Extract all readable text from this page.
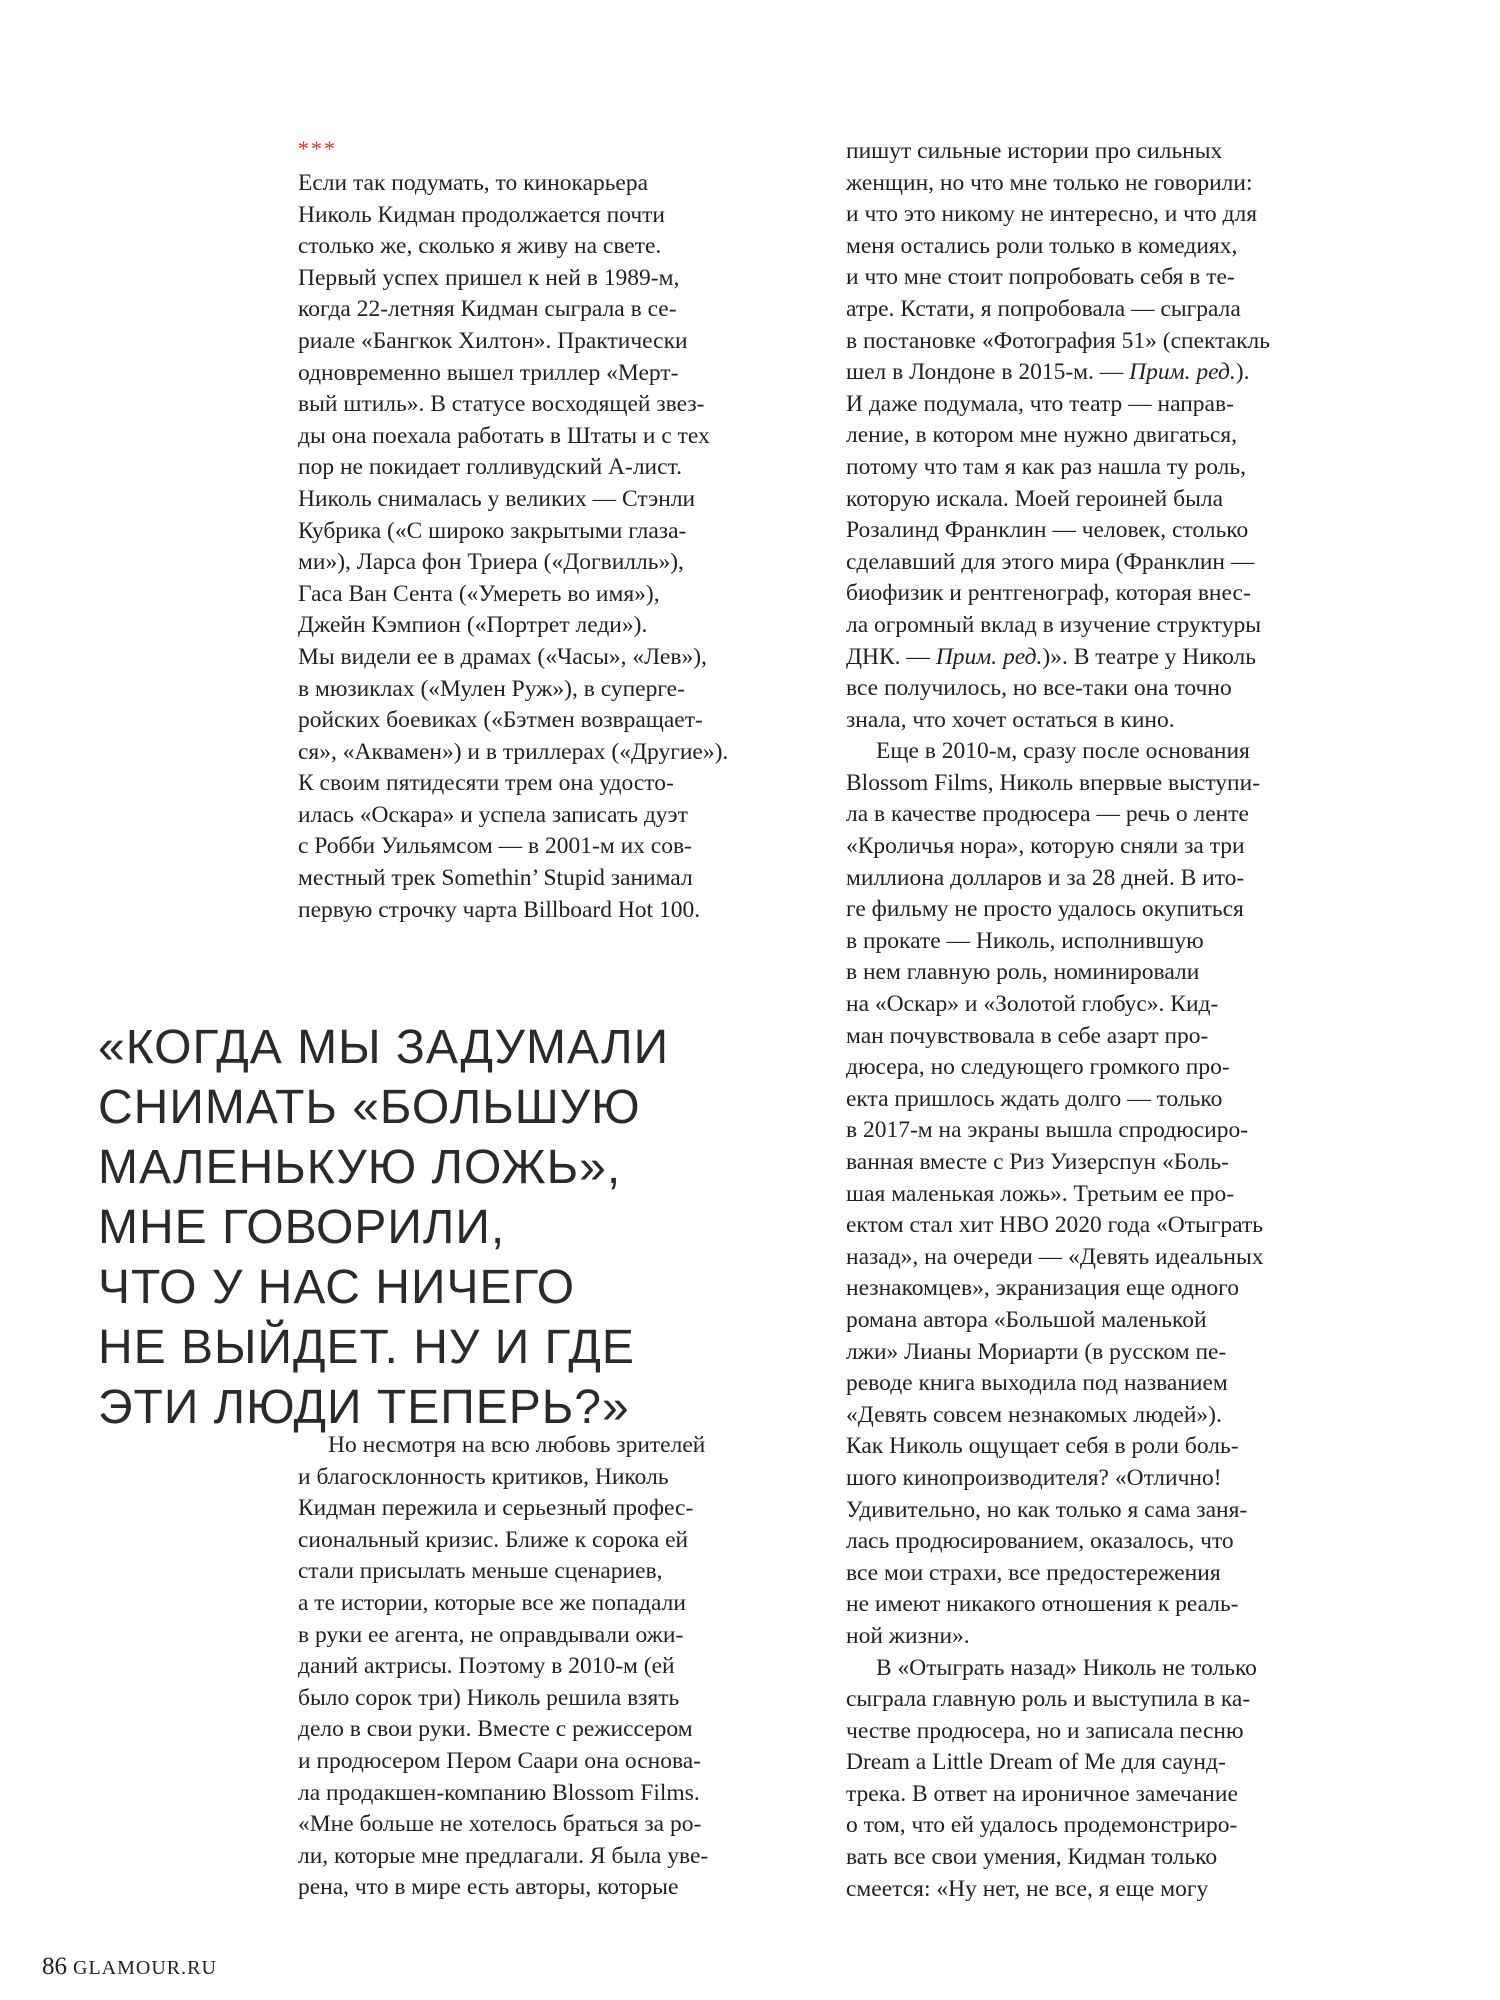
***

Если так подумать, то кинокарьера
Николь Кидман продолжается почти
столько же, сколько я живу на свете.
Первый успех пришел к ней в 1989-м,
когда 22-летняя Кидман сыграла в се-
риале «Бангкок Хилтон». Практически
одновременно вышел триллер «Мерт-
вый штиль». В статусе восходящей звез-
ды она поехала работать в Штаты и с тех
пор не покидает голливудский А-лист.
Николь снималась у великих — Стэнли
Кубрика («С широко закрытыми глаза-
ми»), Ларса фон Триера («Догвилль»),
Гаса Ван Сента («Умереть во имя»),
Джейн Кэмпион («Портрет леди»).
Мы видели ее в драмах («Часы», «Лев»),
в мюзиклах («Мулен Руж»), в суперге-
ройских боевиках («Бэтмен возвращает-
ся», «Аквамен») и в триллерах («Другие»).
К своим пятидесяти трем она удосто-
илась «Оскара» и успела записать дуэт
с Робби Уильямсом — в 2001-м их сов-
местный трек Somethin’ Stupid занимал
первую строчку чарта Billboard Hot 100.

«КОГДА МЫ ЗАДУМАЛИ
СНИМАТЬ «БОЛЬШУЮ
МАЛЕНЬКУЮ ЛОЖЬ»,
МНЕ ГОВОРИЛИ,
ЧТО У НАС НИЧЕГО
НЕ ВЫЙДЕТ. НУ И ГДЕ
ЭТИ ЛЮДИ ТЕПЕРЬ?»

Но несмотря на всю любовь зрителей
и благосклонность критиков, Николь
Кидман пережила и серьезный профес-
сиональный кризис. Ближе к сорока ей
стали присылать меньше сценариев,
а те истории, которые все же попадали
в руки ее агента, не оправдывали ожи-
даний актрисы. Поэтому в 2010-м (ей
было сорок три) Николь решила взять
дело в свои руки. Вместе с режиссером
и продюсером Пером Саари она основа-
ла продакшен-компанию Blossom Films.
«Мне больше не хотелось браться за ро-
ли, которые мне предлагали. Я была уве-
рена, что в мире есть авторы, которые

пишут сильные истории про сильных
женщин, но что мне только не говорили:
и что это никому не интересно, и что для
меня остались роли только в комедиях,
и что мне стоит попробовать себя в те-
атре. Кстати, я попробовала — сыграла
в постановке «Фотография 51» (спектакль
шел в Лондоне в 2015-м. — Прим. ред.).
И даже подумала, что театр — направ-
ление, в котором мне нужно двигаться,
потому что там я как раз нашла ту роль,
которую искала. Моей героиней была
Розалинд Франклин — человек, столько
сделавший для этого мира (Франклин —
биофизик и рентгенограф, которая внес-
ла огромный вклад в изучение структуры
ДНК. — Прим. ред.)». В театре у Николь
все получилось, но все-таки она точно
знала, что хочет остаться в кино.

Еще в 2010-м, сразу после основания
Blossom Films, Николь впервые выступи-
ла в качестве продюсера — речь о ленте
«Кроличья нора», которую сняли за три
миллиона долларов и за 28 дней. В ито-
ге фильму не просто удалось окупиться
в прокате — Николь, исполнившую
в нем главную роль, номинировали
на «Оскар» и «Золотой глобус». Кид-
ман почувствовала в себе азарт про-
дюсера, но следующего громкого про-
екта пришлось ждать долго — только
в 2017-м на экраны вышла спродюсиро-
ванная вместе с Риз Уизерспун «Боль-
шая маленькая ложь». Третьим ее про-
ектом стал хит HBO 2020 года «Отыграть
назад», на очереди — «Девять идеальных
незнакомцев», экранизация еще одного
романа автора «Большой маленькой
лжи» Лианы Мориарти (в русском пе-
реводе книга выходила под названием
«Девять совсем незнакомых людей»).
Как Николь ощущает себя в роли боль-
шого кинопроизводителя? «Отлично!
Удивительно, но как только я сама заня-
лась продюсированием, оказалось, что
все мои страхи, все предостережения
не имеют никакого отношения к реаль-
ной жизни».

В «Отыграть назад» Николь не только
сыграла главную роль и выступила в ка-
честве продюсера, но и записала песню
Dream a Little Dream of Me для саунд-
трека. В ответ на ироничное замечание
о том, что ей удалось продемонстриро-
вать все свои умения, Кидман только
смеется: «Ну нет, не все, я еще могу

86 GLAMOUR.RU
